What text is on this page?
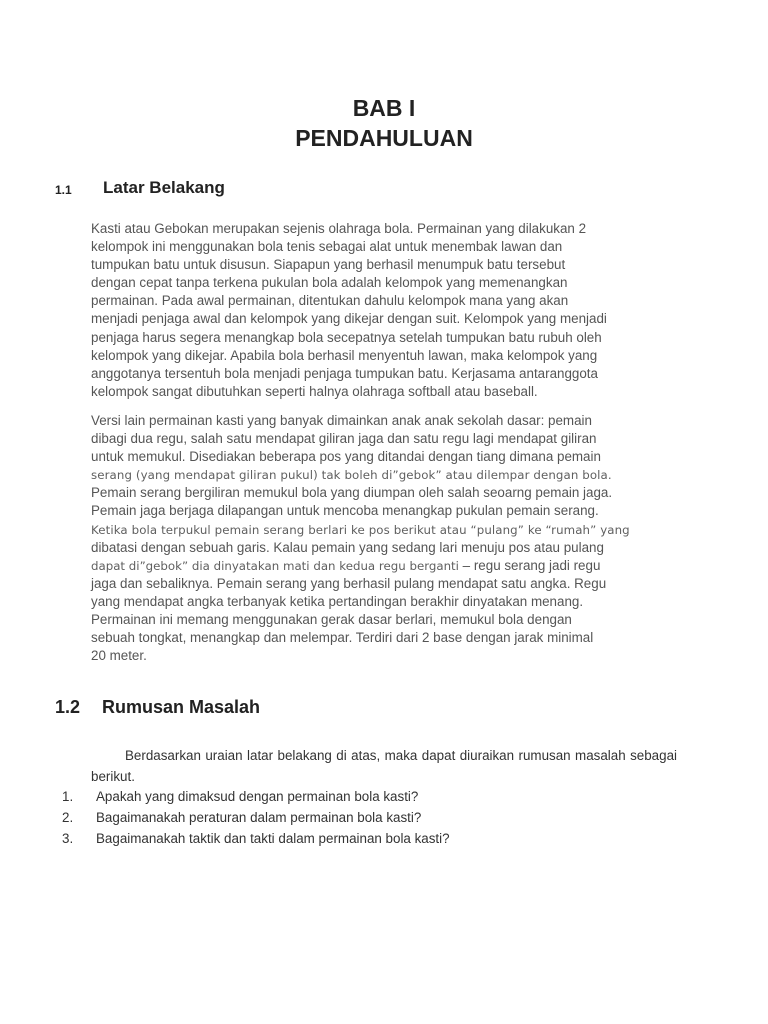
BAB I
PENDAHULUAN
1.1 Latar Belakang

Kasti atau Gebokan merupakan sejenis olahraga bola. Permainan yang dilakukan 2
kelompok ini menggunakan bola tenis sebagai alat untuk menembak lawan dan
tumpukan batu untuk disusun. Siapapun yang berhasil menumpuk batu tersebut
dengan cepat tanpa terkena pukulan bola adalah kelompok yang memenangkan
permainan. Pada awal permainan, ditentukan dahulu kelompok mana yang akan
menjadi penjaga awal dan kelompok yang dikejar dengan suit. Kelompok yang menjadi
penjaga harus segera menangkap bola secepatnya setelah tumpukan batu rubuh oleh
kelompok yang dikejar. Apabila bola berhasil menyentuh lawan, maka kelompok yang
anggotanya tersentuh bola menjadi penjaga tumpukan batu. Kerjasama antaranggota
kelompok sangat dibutuhkan seperti halnya olahraga softball atau baseball.

Versi lain permainan kasti yang banyak dimainkan anak anak sekolah dasar: pemain
dibagi dua regu, salah satu mendapat giliran jaga dan satu regu lagi mendapat giliran
untuk memukul. Disediakan beberapa pos yang ditandai dengan tiang dimana pemain
serang (yang mendapat giliran pukul) tak boleh di”gebok” atau dilempar dengan bola.
Pemain serang bergiliran memukul bola yang diumpan oleh salah seoarng pemain jaga.
Pemain jaga berjaga dilapangan untuk mencoba menangkap pukulan pemain serang.
Ketika bola terpukul pemain serang berlari ke pos berikut atau “pulang” ke “rumah” yang
dibatasi dengan sebuah garis. Kalau pemain yang sedang lari menuju pos atau pulang
dapat di”gebok” dia dinyatakan mati dan kedua regu berganti – regu serang jadi regu
jaga dan sebaliknya. Pemain serang yang berhasil pulang mendapat satu angka. Regu
yang mendapat angka terbanyak ketika pertandingan berakhir dinyatakan menang.
Permainan ini memang menggunakan gerak dasar berlari, memukul bola dengan
sebuah tongkat, menangkap dan melempar. Terdiri dari 2 base dengan jarak minimal
20 meter.

1.2 Rumusan Masalah

Berdasarkan uraian latar belakang di atas, maka dapat diuraikan rumusan masalah sebagai berikut.

1. Apakah yang dimaksud dengan permainan bola kasti?
2. Bagaimanakah peraturan dalam permainan bola kasti?
3. Bagaimanakah taktik dan takti dalam permainan bola kasti?
